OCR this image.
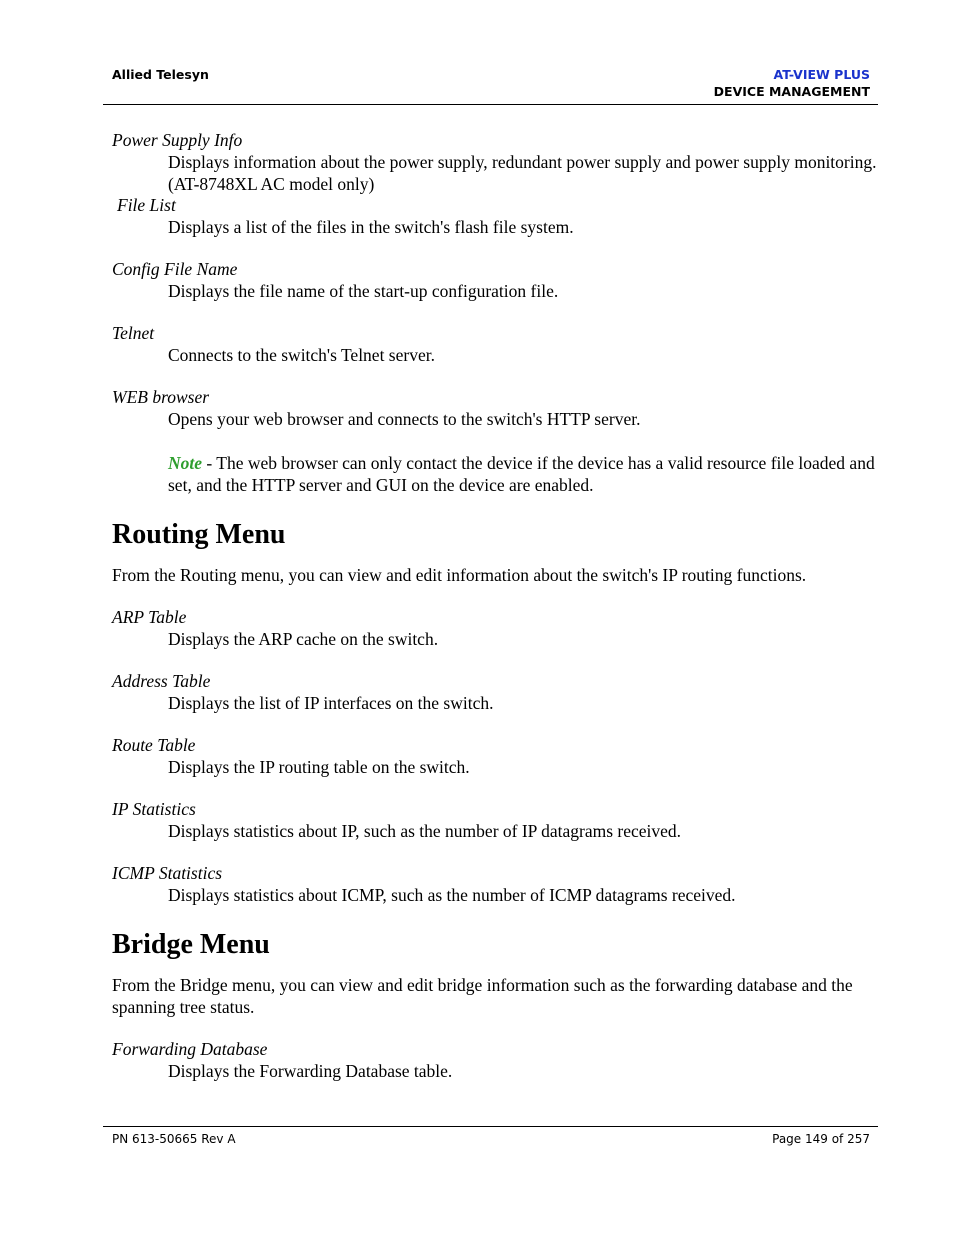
Allied Telesyn	AT-VIEW PLUS
DEVICE MANAGEMENT
Power Supply Info
Displays information about the power supply, redundant power supply and power supply monitoring. (AT-8748XL AC model only)
File List
Displays a list of the files in the switch's flash file system.
Config File Name
Displays the file name of the start-up configuration file.
Telnet
Connects to the switch's Telnet server.
WEB browser
Opens your web browser and connects to the switch's HTTP server.
Note - The web browser can only contact the device if the device has a valid resource file loaded and set, and the HTTP server and GUI on the device are enabled.
Routing Menu

From the Routing menu, you can view and edit information about the switch's IP routing functions.

ARP Table
Displays the ARP cache on the switch.
Address Table
Displays the list of IP interfaces on the switch.
Route Table
Displays the IP routing table on the switch.
IP Statistics
Displays statistics about IP, such as the number of IP datagrams received.
ICMP Statistics
Displays statistics about ICMP, such as the number of ICMP datagrams received.
Bridge Menu

From the Bridge menu, you can view and edit bridge information such as the forwarding database and the spanning tree status.

Forwarding Database
Displays the Forwarding Database table.
PN 613-50665 Rev A	Page 149 of 257
